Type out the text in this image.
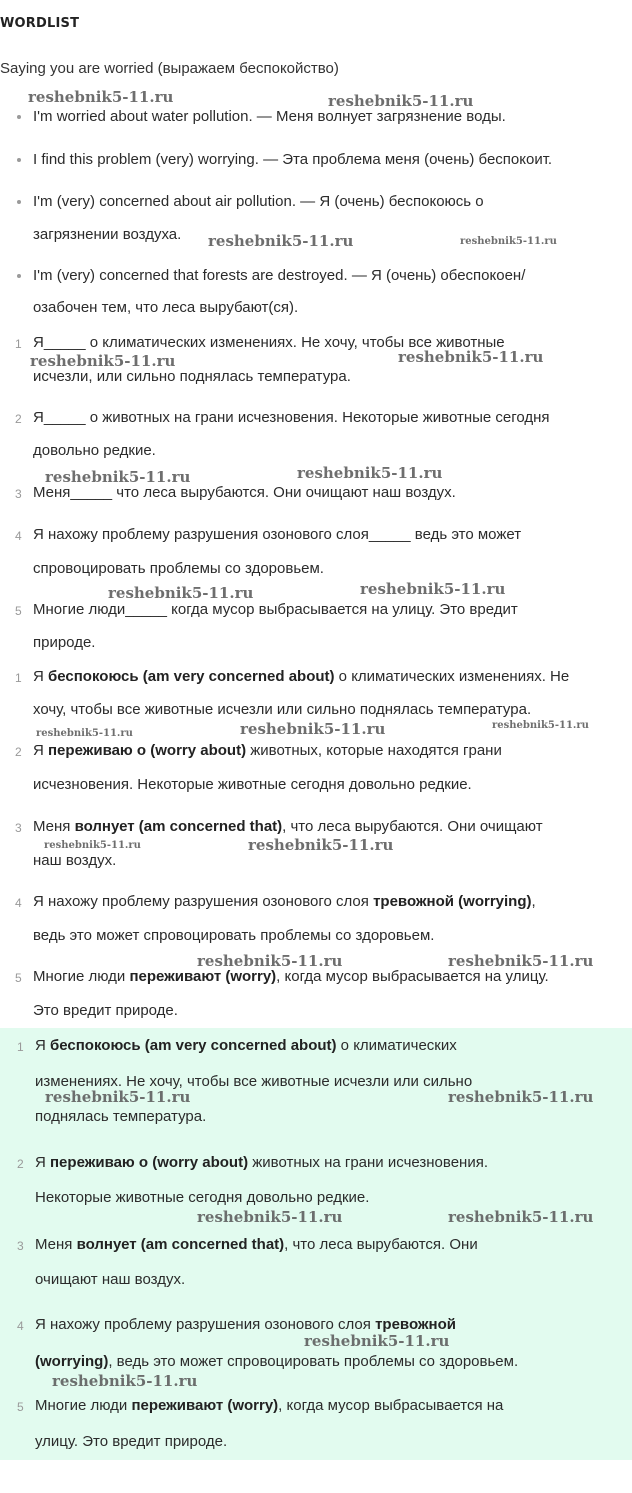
WORDLIST
Saying you are worried (выражаем беспокойство)
I'm worried about water pollution. — Меня волнует загрязнение воды.
I find this problem (very) worrying. — Эта проблема меня (очень) беспокоит.
I'm (very) concerned about air pollution. — Я (очень) беспокоюсь о
загрязнении воздуха.
I'm (very) concerned that forests are destroyed. — Я (очень) обеспокоен/
озабочен тем, что леса вырубают(ся).
1 Я_____ о климатических изменениях. Не хочу, чтобы все животные
исчезли, или сильно поднялась температура.
2 Я_____ о животных на грани исчезновения. Некоторые животные сегодня
довольно редкие.
3 Меня_____ что леса вырубаются. Они очищают наш воздух.
4 Я нахожу проблему разрушения озонового слоя_____ ведь это может
спровоцировать проблемы со здоровьем.
5 Многие люди_____ когда мусор выбрасывается на улицу. Это вредит
природе.
1 Я беспокоюсь (am very concerned about) о климатических изменениях. Не
хочу, чтобы все животные исчезли или сильно поднялась температура.
2 Я переживаю о (worry about) животных, которые находятся грани
исчезновения. Некоторые животные сегодня довольно редкие.
3 Меня волнует (am concerned that), что леса вырубаются. Они очищают
наш воздух.
4 Я нахожу проблему разрушения озонового слоя тревожной (worrying),
ведь это может спровоцировать проблемы со здоровьем.
5 Многие люди переживают (worry), когда мусор выбрасывается на улицу.
Это вредит природе.
1 Я беспокоюсь (am very concerned about) о климатических
изменениях. Не хочу, чтобы все животные исчезли или сильно
поднялась температура.
2 Я переживаю о (worry about) животных на грани исчезновения.
Некоторые животные сегодня довольно редкие.
3 Меня волнует (am concerned that), что леса вырубаются. Они
очищают наш воздух.
4 Я нахожу проблему разрушения озонового слоя тревожной
(worrying), ведь это может спровоцировать проблемы со здоровьем.
5 Многие люди переживают (worry), когда мусор выбрасывается на
улицу. Это вредит природе.
reshebnik5-11.ru	reshebnik5-11.ru
reshebnik5-11.ru	reshebnik5-11.ru
reshebnik5-11.ru	reshebnik5-11.ru
reshebnik5-11.ru	reshebnik5-11.ru
reshebnik5-11.ru	reshebnik5-11.ru
reshebnik5-11.ru	reshebnik5-11.ru	reshebnik5-11.ru
reshebnik5-11.ru	reshebnik5-11.ru
reshebnik5-11.ru	reshebnik5-11.ru
reshebnik5-11.ru	reshebnik5-11.ru
reshebnik5-11.ru	reshebnik5-11.ru
reshebnik5-11.ru
reshebnik5-11.ru
